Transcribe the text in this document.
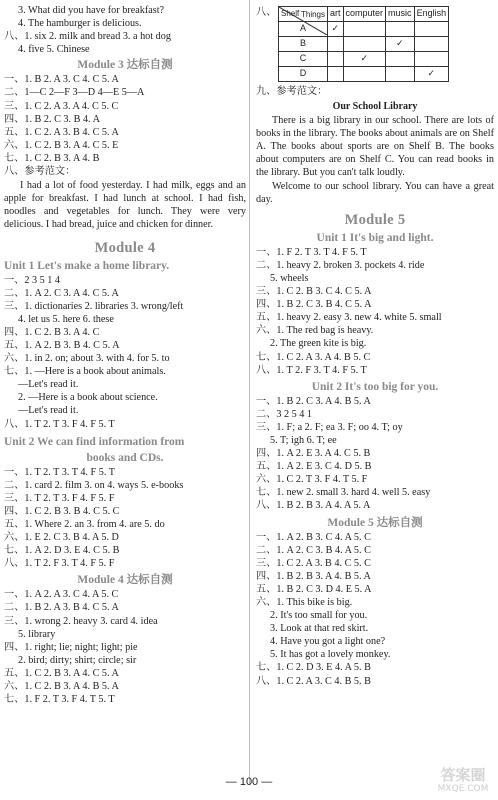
3. What did you have for breakfast?
4. The hamburger is delicious.
八、1. six 2. milk and bread 3. a hot dog
4. five 5. Chinese
Module 3 达标自测
一、1. B 2. A 3. C 4. C 5. A
二、1—C 2—F 3—D 4—E 5—A
三、1. C 2. A 3. A 4. C 5. C
四、1. B 2. C 3. B 4. A
五、1. C 2. A 3. B 4. C 5. A
六、1. C 2. B 3. A 4. C 5. E
七、1. C 2. B 3. A 4. B
八、参考范文：
I had a lot of food yesterday. I had milk, eggs and an apple for breakfast. I had lunch at school. I had fish, noodles and vegetables for lunch. They were very delicious. I had bread, juice and chicken for dinner.
Module 4
Unit 1 Let's make a home library.
一、2 3 5 1 4
二、1. A 2. C 3. A 4. C 5. A
三、1. dictionaries 2. libraries 3. wrong/left
4. let us 5. here 6. these
四、1. C 2. B 3. A 4. C
五、1. A 2. B 3. B 4. C 5. A
六、1. in 2. on; about 3. with 4. for 5. to
七、1. —Here is a book about animals.
—Let's read it.
2. —Here is a book about science.
—Let's read it.
八、1. T 2. T 3. F 4. F 5. T
Unit 2 We can find information from
books and CDs.
一、1. T 2. T 3. T 4. F 5. T
二、1. card 2. film 3. on 4. ways 5. e-books
三、1. T 2. T 3. F 4. F 5. F
四、1. C 2. B 3. B 4. C 5. C
五、1. Where 2. an 3. from 4. are 5. do
六、1. E 2. C 3. B 4. A 5. D
七、1. A 2. D 3. E 4. C 5. B
八、1. T 2. F 3. T 4. F 5. F
Module 4 达标自测
一、1. A 2. A 3. C 4. A 5. C
二、1. B 2. A 3. B 4. C 5. A
三、1. wrong 2. heavy 3. card 4. idea
5. library
四、1. right; lie; night; light; pie
2. bird; dirty; shirt; circle; sir
五、1. C 2. B 3. A 4. C 5. A
六、1. C 2. B 3. A 4. B 5. A
七、1. F 2. T 3. F 4. T 5. T
八、	Things
Shelf	art	computer	music	English
A	✓			
B			✓	
C		✓		
D				✓
九、参考范文：
Our School Library
There is a big library in our school. There are lots of books in the library. The books about animals are on Shelf A. The books about sports are on Shelf B. The books about computers are on Shelf C. You can read books in the library. But you can't talk loudly.
Welcome to our school library. You can have a great day.
Module 5
Unit 1 It's big and light.
一、1. F 2. T 3. T 4. F 5. T
二、1. heavy 2. broken 3. pockets 4. ride
5. wheels
三、1. C 2. B 3. C 4. C 5. A
四、1. B 2. C 3. B 4. C 5. A
五、1. heavy 2. easy 3. new 4. white 5. small
六、1. The red bag is heavy.
2. The green kite is big.
七、1. C 2. A 3. A 4. B 5. C
八、1. T 2. F 3. T 4. F 5. T
Unit 2 It's too big for you.
一、1. B 2. C 3. A 4. B 5. A
二、3 2 5 4 1
三、1. F; a 2. F; ea 3. F; oo 4. T; oy
5. T; igh 6. T; ee
四、1. A 2. E 3. A 4. C 5. B
五、1. A 2. E 3. C 4. D 5. B
六、1. C 2. T 3. F 4. T 5. F
七、1. new 2. small 3. hard 4. well 5. easy
八、1. B 2. B 3. A 4. A 5. A
Module 5 达标自测
一、1. A 2. B 3. C 4. A 5. C
二、1. A 2. C 3. B 4. A 5. C
三、1. C 2. A 3. B 4. C 5. C
四、1. B 2. B 3. A 4. B 5. A
五、1. B 2. C 3. D 4. E 5. A
六、1. This bike is big.
2. It's too small for you.
3. Look at that red skirt.
4. Have you got a light one?
5. It has got a lovely monkey.
七、1. C 2. D 3. E 4. A 5. B
八、1. C 2. A 3. C 4. B 5. B
— 100 —	答案圈
MXQE.COM
